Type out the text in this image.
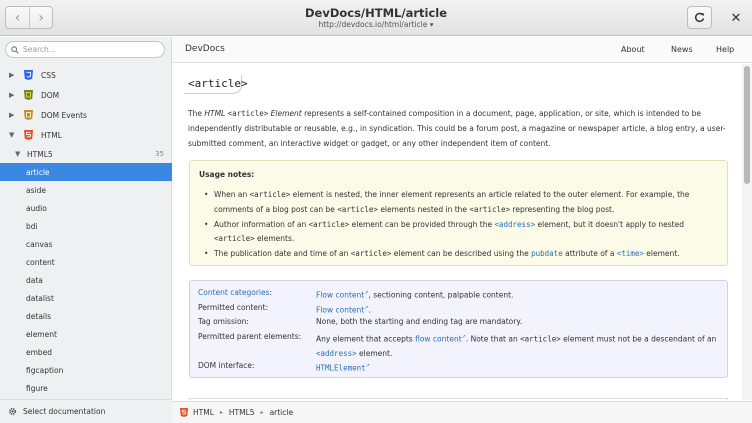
‹ ›	DevDocs/HTML/article
http://devdocs.io/html/article ▾	✕
Search...
▶	CSS
▶	DOM
▶	DOM Events
▼	HTML
▼ HTML5	35
article
aside
audio
bdi
canvas
content
data
datalist
details
element
embed
figcaption
figure
Select documentation
DevDocs	About	News	Help
<article>

The HTML <article> Element represents a self-contained composition in a document, page, application, or site, which is intended to be independently distributable or reusable, e.g., in syndication. This could be a forum post, a magazine or newspaper article, a blog entry, a user-submitted comment, an interactive widget or gadget, or any other independent item of content.

Usage notes:
• When an <article> element is nested, the inner element represents an article related to the outer element. For example, the comments of a blog post can be <article> elements nested in the <article> representing the blog post.
• Author information of an <article> element can be provided through the <address> element, but it doesn't apply to nested <article> elements.
• The publication date and time of an <article> element can be described using the pubdate attribute of a <time> element.
Content categories:	Flow content↗, sectioning content, palpable content.
Permitted content:	Flow content↗.
Tag omission:	None, both the starting and ending tag are mandatory.
Permitted parent elements:	Any element that accepts flow content↗. Note that an <article> element must not be a descendant of an <address> element.
DOM interface:	HTMLElement↗
HTML ▸ HTML5 ▸ article
